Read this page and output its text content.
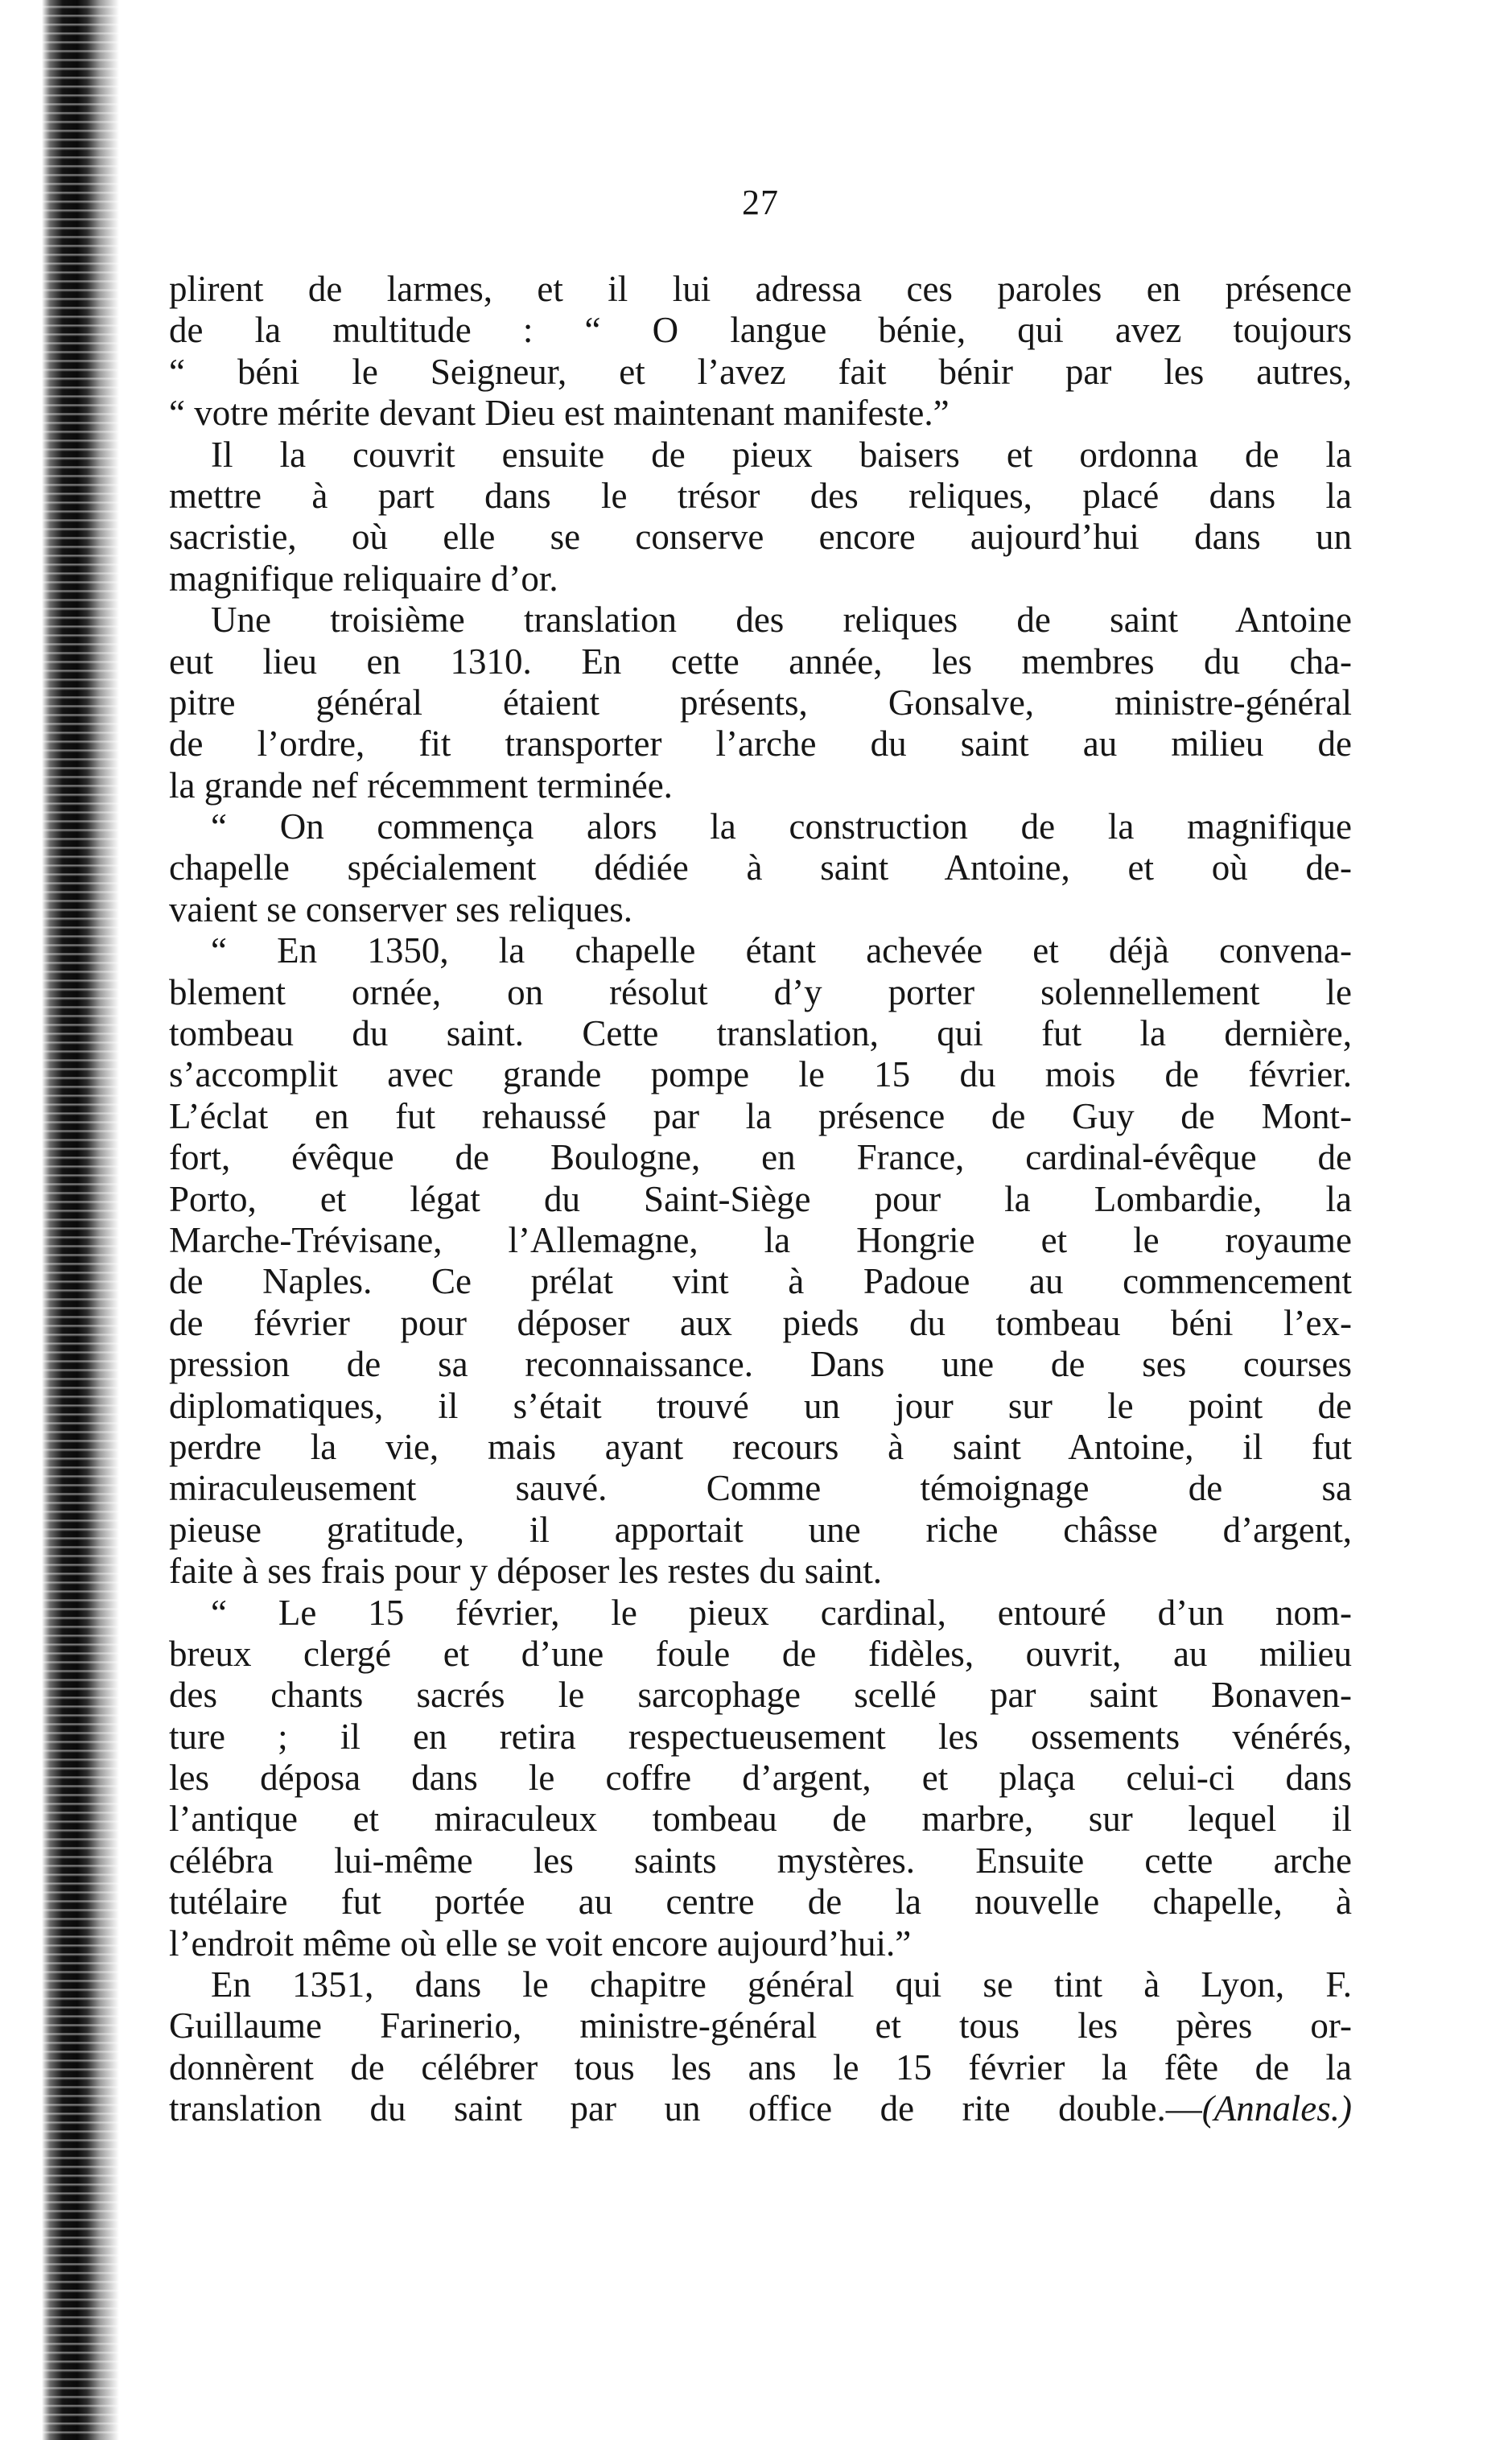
27
plirent de larmes, et il lui adressa ces paroles en présence
de la multitude : “ O langue bénie, qui avez toujours
“ béni le Seigneur, et l’avez fait bénir par les autres,
“ votre mérite devant Dieu est maintenant manifeste.”
Il la couvrit ensuite de pieux baisers et ordonna de la
mettre à part dans le trésor des reliques, placé dans la
sacristie, où elle se conserve encore aujourd’hui dans un
magnifique reliquaire d’or.
Une troisième translation des reliques de saint Antoine
eut lieu en 1310. En cette année, les membres du cha-
pitre général étaient présents, Gonsalve, ministre-général
de l’ordre, fit transporter l’arche du saint au milieu de
la grande nef récemment terminée.
“ On commença alors la construction de la magnifique
chapelle spécialement dédiée à saint Antoine, et où de-
vaient se conserver ses reliques.
“ En 1350, la chapelle étant achevée et déjà convena-
blement ornée, on résolut d’y porter solennellement le
tombeau du saint. Cette translation, qui fut la dernière,
s’accomplit avec grande pompe le 15 du mois de février.
L’éclat en fut rehaussé par la présence de Guy de Mont-
fort, évêque de Boulogne, en France, cardinal-évêque de
Porto, et légat du Saint-Siège pour la Lombardie, la
Marche-Trévisane, l’Allemagne, la Hongrie et le royaume
de Naples. Ce prélat vint à Padoue au commencement
de février pour déposer aux pieds du tombeau béni l’ex-
pression de sa reconnaissance. Dans une de ses courses
diplomatiques, il s’était trouvé un jour sur le point de
perdre la vie, mais ayant recours à saint Antoine, il fut
miraculeusement sauvé. Comme témoignage de sa
pieuse gratitude, il apportait une riche châsse d’argent,
faite à ses frais pour y déposer les restes du saint.
“ Le 15 février, le pieux cardinal, entouré d’un nom-
breux clergé et d’une foule de fidèles, ouvrit, au milieu
des chants sacrés le sarcophage scellé par saint Bonaven-
ture ; il en retira respectueusement les ossements vénérés,
les déposa dans le coffre d’argent, et plaça celui-ci dans
l’antique et miraculeux tombeau de marbre, sur lequel il
célébra lui-même les saints mystères. Ensuite cette arche
tutélaire fut portée au centre de la nouvelle chapelle, à
l’endroit même où elle se voit encore aujourd’hui.”
En 1351, dans le chapitre général qui se tint à Lyon, F.
Guillaume Farinerio, ministre-général et tous les pères or-
donnèrent de célébrer tous les ans le 15 février la fête de la
translation du saint par un office de rite double.—(Annales.)
